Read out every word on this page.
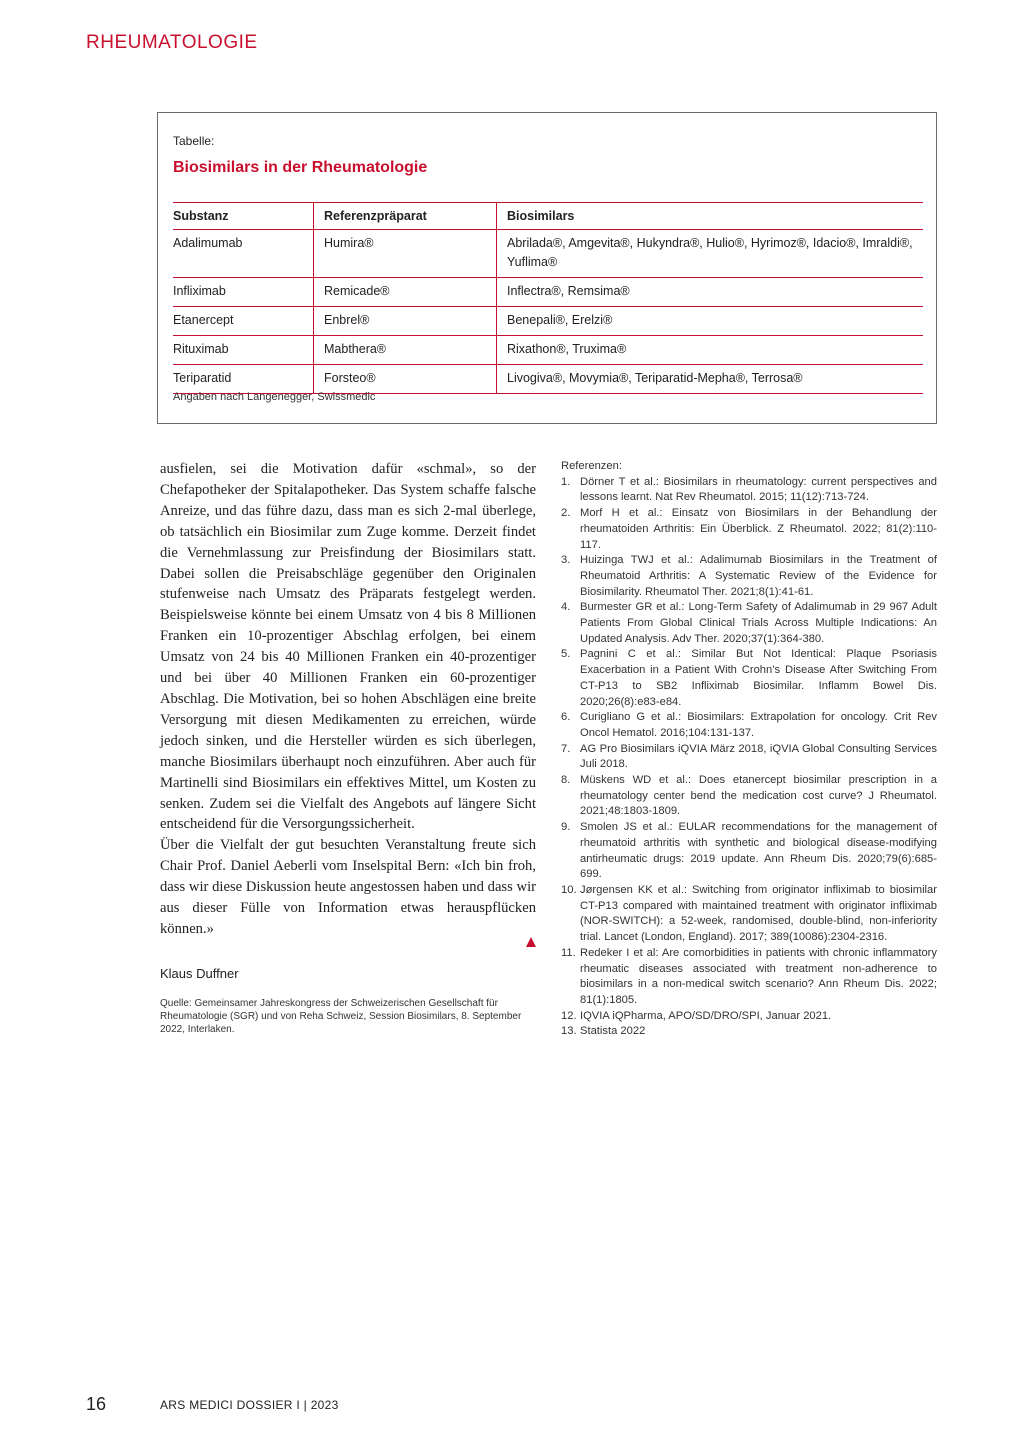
RHEUMATOLOGIE
Tabelle:
Biosimilars in der Rheumatologie
Substanz	Referenzpräparat	Biosimilars
Adalimumab	Humira®	Abrilada®, Amgevita®, Hukyndra®, Hulio®, Hyrimoz®, Idacio®, Imraldi®, Yuflima®
Infliximab	Remicade®	Inflectra®, Remsima®
Etanercept	Enbrel®	Benepali®, Erelzi®
Rituximab	Mabthera®	Rixathon®, Truxima®
Teriparatid	Forsteo®	Livogiva®, Movymia®, Teriparatid-Mepha®, Terrosa®
Angaben nach Langenegger, Swissmedic

ausfielen, sei die Motivation dafür «schmal», so der Chefapotheker der Spitalapotheker. Das System schaffe falsche Anreize, und das führe dazu, dass man es sich 2-mal überlege, ob tatsächlich ein Biosimilar zum Zuge komme. Derzeit findet die Vernehmlassung zur Preisfindung der Biosimilars statt. Dabei sollen die Preisabschläge gegenüber den Originalen stufenweise nach Umsatz des Präparats festgelegt werden. Beispielsweise könnte bei einem Umsatz von 4 bis 8 Millionen Franken ein 10-prozentiger Abschlag erfolgen, bei einem Umsatz von 24 bis 40 Millionen Franken ein 40-prozentiger und bei über 40 Millionen Franken ein 60-prozentiger Abschlag. Die Motivation, bei so hohen Abschlägen eine breite Versorgung mit diesen Medikamenten zu erreichen, würde jedoch sinken, und die Hersteller würden es sich überlegen, manche Biosimilars überhaupt noch einzuführen. Aber auch für Martinelli sind Biosimilars ein effektives Mittel, um Kosten zu senken. Zudem sei die Vielfalt des Angebots auf längere Sicht entscheidend für die Versorgungssicherheit.

Über die Vielfalt der gut besuchten Veranstaltung freute sich Chair Prof. Daniel Aeberli vom Inselspital Bern: «Ich bin froh, dass wir diese Diskussion heute angestossen haben und dass wir aus dieser Fülle von Information etwas herauspflücken können.»

Klaus Duffner
Quelle: Gemeinsamer Jahreskongress der Schweizerischen Gesellschaft für Rheumatologie (SGR) und von Reha Schweiz, Session Biosimilars, 8. September 2022, Interlaken.
Referenzen:
1. Dörner T et al.: Biosimilars in rheumatology: current perspectives and lessons learnt. Nat Rev Rheumatol. 2015; 11(12):713-724.
2. Morf H et al.: Einsatz von Biosimilars in der Behandlung der rheumatoiden Arthritis: Ein Überblick. Z Rheumatol. 2022; 81(2):110-117.
3. Huizinga TWJ et al.: Adalimumab Biosimilars in the Treatment of Rheumatoid Arthritis: A Systematic Review of the Evidence for Biosimilarity. Rheumatol Ther. 2021;8(1):41-61.
4. Burmester GR et al.: Long-Term Safety of Adalimumab in 29 967 Adult Patients From Global Clinical Trials Across Multiple Indications: An Updated Analysis. Adv Ther. 2020;37(1):364-380.
5. Pagnini C et al.: Similar But Not Identical: Plaque Psoriasis Exacerbation in a Patient With Crohn’s Disease After Switching From CT-P13 to SB2 Infliximab Biosimilar. Inflamm Bowel Dis. 2020;26(8):e83-e84.
6. Curigliano G et al.: Biosimilars: Extrapolation for oncology. Crit Rev Oncol Hematol. 2016;104:131-137.
7. AG Pro Biosimilars iQVIA März 2018, iQVIA Global Consulting Services Juli 2018.
8. Müskens WD et al.: Does etanercept biosimilar prescription in a rheumatology center bend the medication cost curve? J Rheumatol. 2021;48:1803-1809.
9. Smolen JS et al.: EULAR recommendations for the management of rheumatoid arthritis with synthetic and biological disease-modifying antirheumatic drugs: 2019 update. Ann Rheum Dis. 2020;79(6):685-699.
10. Jørgensen KK et al.: Switching from originator infliximab to biosimilar CT-P13 compared with maintained treatment with originator infliximab (NOR-SWITCH): a 52-week, randomised, double-blind, non-inferiority trial. Lancet (London, England). 2017; 389(10086):2304-2316.
11. Redeker I et al: Are comorbidities in patients with chronic inflammatory rheumatic diseases associated with treatment non-adherence to biosimilars in a non-medical switch scenario? Ann Rheum Dis. 2022; 81(1):1805.
12. IQVIA iQPharma, APO/SD/DRO/SPI, Januar 2021.
13. Statista 2022
16	ARS MEDICI DOSSIER I | 2023
